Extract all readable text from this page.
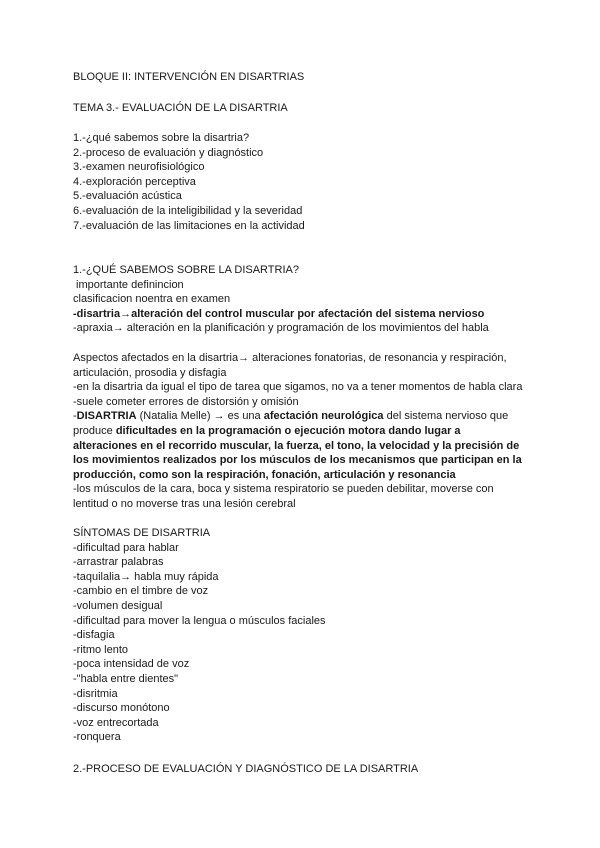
BLOQUE II: INTERVENCIÓN EN DISARTRIAS
TEMA 3.- EVALUACIÓN DE LA DISARTRIA
1.-¿qué sabemos sobre la disartria?
2.-proceso de evaluación y diagnóstico
3.-examen neurofisiológico
4.-exploración perceptiva
5.-evaluación acústica
6.-evaluación de la inteligibilidad y la severidad
7.-evaluación de las limitaciones en la actividad
1.-¿QUÉ SABEMOS SOBRE LA DISARTRIA?
importante definincion
clasificacion noentra en examen
-disartria→alteración del control muscular por afectación del sistema nervioso
-apraxia→ alteración en la planificación y programación de los movimientos del habla
Aspectos afectados en la disartria→ alteraciones fonatorias, de resonancia y respiración,
articulación, prosodia y disfagia
-en la disartria da igual el tipo de tarea que sigamos, no va a tener momentos de habla clara
-suele cometer errores de distorsión y omisión
-DISARTRIA (Natalia Melle) → es una afectación neurológica del sistema nervioso que
produce dificultades en la programación o ejecución motora dando lugar a
alteraciones en el recorrido muscular, la fuerza, el tono, la velocidad y la precisión de
los movimientos realizados por los músculos de los mecanismos que participan en la
producción, como son la respiración, fonación, articulación y resonancia
-los músculos de la cara, boca y sistema respiratorio se pueden debilitar, moverse con
lentitud o no moverse tras una lesión cerebral
SÍNTOMAS DE DISARTRIA
-dificultad para hablar
-arrastrar palabras
-taquilalia→ habla muy rápida
-cambio en el timbre de voz
-volumen desigual
-dificultad para mover la lengua o músculos faciales
-disfagia
-ritmo lento
-poca intensidad de voz
-"habla entre dientes"
-disritmia
-discurso monótono
-voz entrecortada
-ronquera
2.-PROCESO DE EVALUACIÓN Y DIAGNÓSTICO DE LA DISARTRIA
